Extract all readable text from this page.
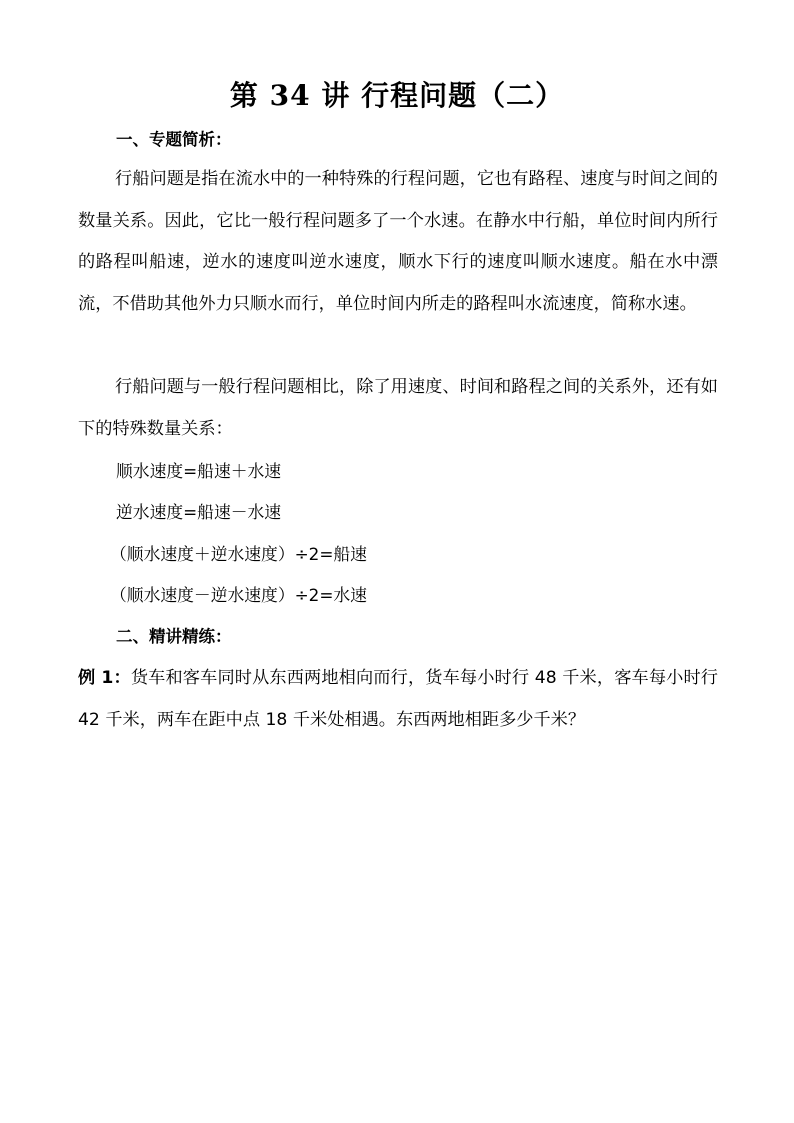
第 34 讲 行程问题（二）
一、专题简析：
行船问题是指在流水中的一种特殊的行程问题，它也有路程、速度与时间之间的数量关系。因此，它比一般行程问题多了一个水速。在静水中行船，单位时间内所行的路程叫船速，逆水的速度叫逆水速度，顺水下行的速度叫顺水速度。船在水中漂流，不借助其他外力只顺水而行，单位时间内所走的路程叫水流速度，简称水速。
行船问题与一般行程问题相比，除了用速度、时间和路程之间的关系外，还有如下的特殊数量关系：
顺水速度=船速＋水速
逆水速度=船速－水速
（顺水速度＋逆水速度）÷2=船速
（顺水速度－逆水速度）÷2=水速
二、精讲精练：
例 1：货车和客车同时从东西两地相向而行，货车每小时行 48 千米，客车每小时行 42 千米，两车在距中点 18 千米处相遇。东西两地相距多少千米？
